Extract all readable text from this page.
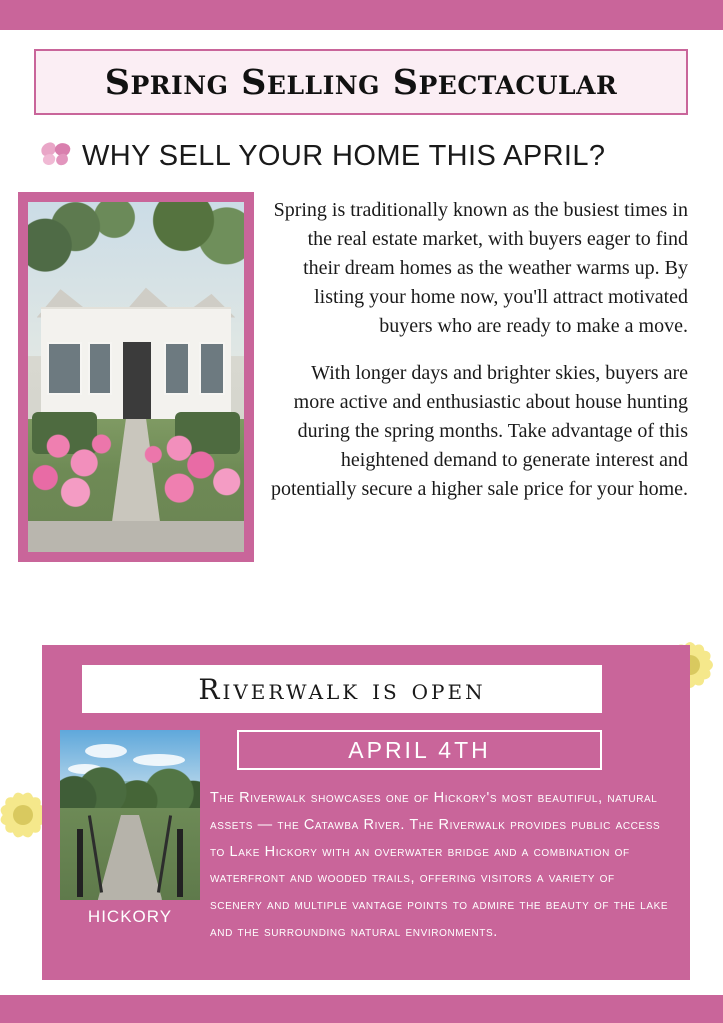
Spring Selling Spectacular
WHY SELL YOUR HOME THIS APRIL?

Spring is traditionally known as the busiest times in the real estate market, with buyers eager to find their dream homes as the weather warms up. By listing your home now, you'll attract motivated buyers who are ready to make a move.

With longer days and brighter skies, buyers are more active and enthusiastic about house hunting during the spring months. Take advantage of this heightened demand to generate interest and potentially secure a higher sale price for your home.

Riverwalk is open
APRIL 4TH
HICKORY

The Riverwalk showcases one of Hickory's most beautiful, natural assets — the Catawba River. The Riverwalk provides public access to Lake Hickory with an overwater bridge and a combination of waterfront and wooded trails, offering visitors a variety of scenery and multiple vantage points to admire the beauty of the lake and the surrounding natural environments.
